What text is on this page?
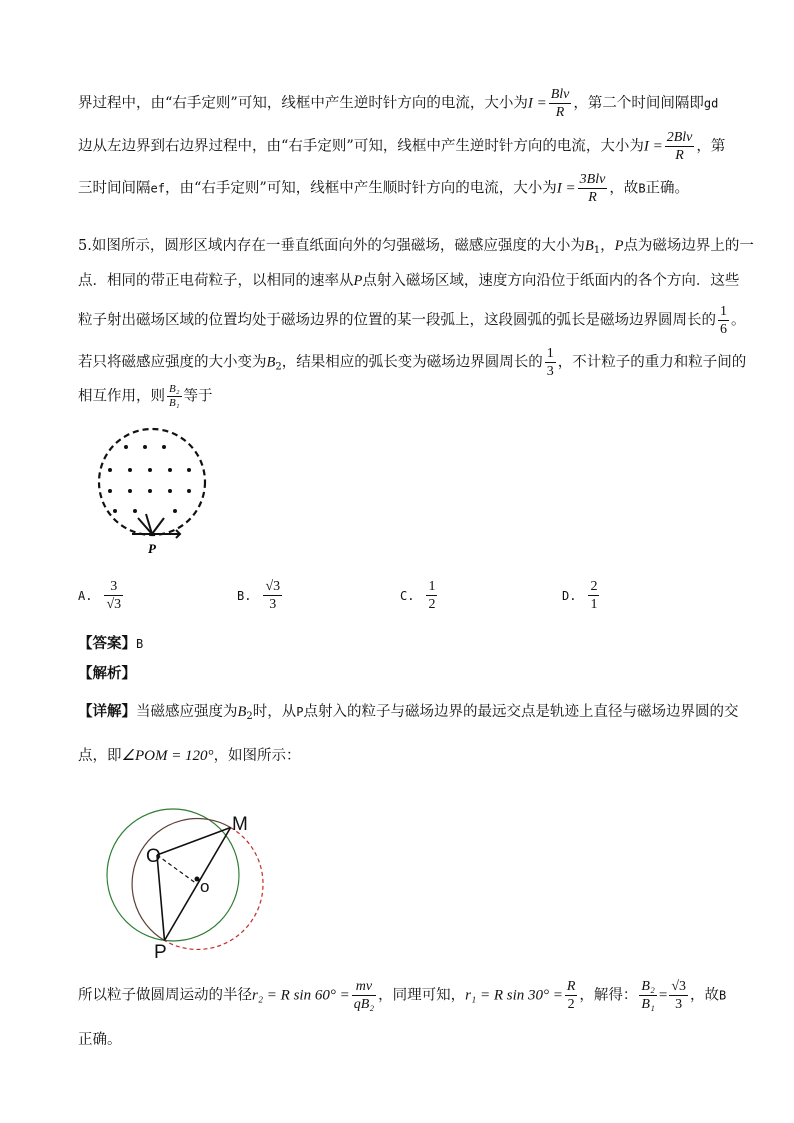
界过程中，由“右手定则”可知，线框中产生逆时针方向的电流，大小为$I = \frac{\text{Blv}}{R}$ ，第二个时间间隔即gd
边从左边界到右边界过程中，由“右手定则”可知，线框中产生逆时针方向的电流，大小为$I = \frac{\text{2Blv}}{R}$ ，第
三时间间隔ef，由“右手定则”可知，线框中产生顺时针方向的电流，大小为$I = \frac{\text{3Blv}}{R}$ ，故B正确。
5.如图所示，圆形区域内存在一垂直纸面向外的匀强磁场，磁感应强度的大小为$B_1$，P点为磁场边界上的一
点．相同的带正电荷粒子，以相同的速率从P点射入磁场区域，速度方向沿位于纸面内的各个方向．这些
粒子射出磁场区域的位置均处于磁场边界的位置的某一段弧上，这段圆弧的弧长是磁场边界圆周长的 $\frac{1}{6}$ 。
若只将磁感应强度的大小变为$B_2$，结果相应的弧长变为磁场边界圆周长的 $\frac{1}{3}$ ，不计粒子的重力和粒子间的
相互作用，则 $\frac{\text{B₂}}{\text{B₁}}$ 等于
P
A. $\frac{3}{√3}$	B. $\frac{√3}{3}$	C. $\frac{1}{2}$	D. $\frac{2}{1}$
【答案】B
【解析】
【详解】当磁感应强度为$B_2$时，从P点射入的粒子与磁场边界的最远交点是轨迹上直径与磁场边界圆的交
点，即∠POM = 120°，如图所示：
M
O
o
P
所以粒子做圆周运动的半径r₂ = R $\sin 60^\circ = \frac{mv}{\text{qB₂}}$ ，同理可知，r₁ = R $\sin 30^\circ = \frac{R}{2}$ ，解得： $\frac{\text{B₂}}{\text{B₁}} = \frac{√3}{3}$ ，故B
正确。
